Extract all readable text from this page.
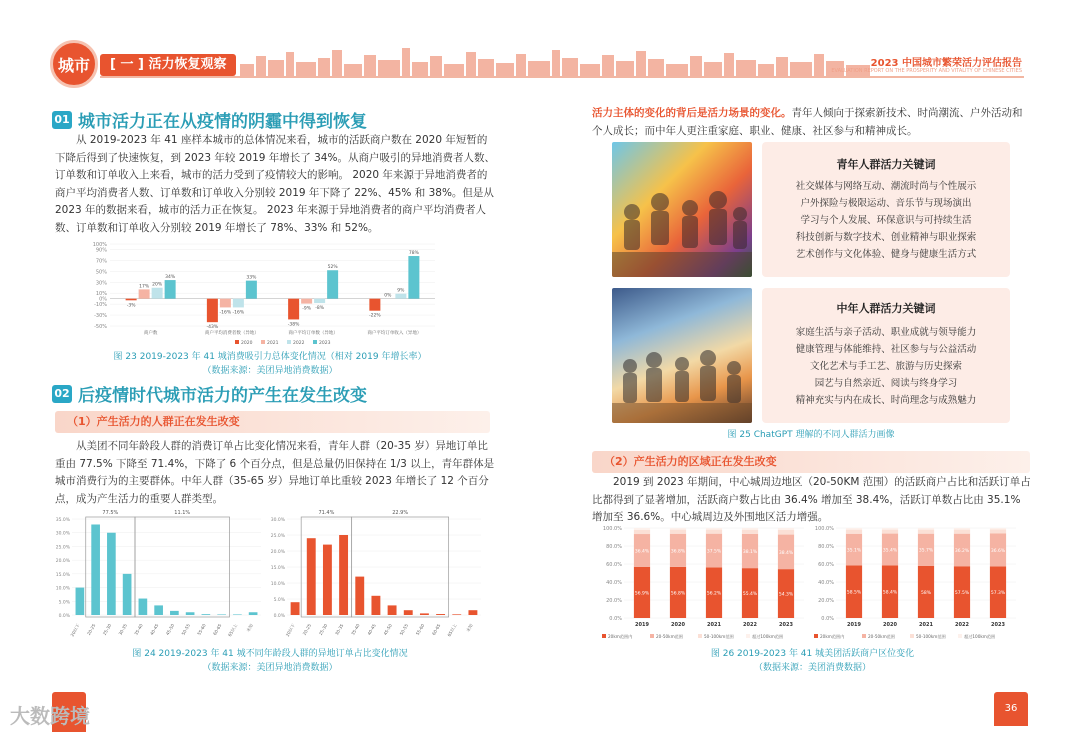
城市	[ 一 ] 活力恢复观察	2023 中国城市繁荣活力评估报告
EVALUATION REPORT ON THE PROSPERITY AND VITALITY OF CHINESE CITIES
01 城市活力正在从疫情的阴霾中得到恢复
从 2019-2023 年 41 座样本城市的总体情况来看，城市的活跃商户数在 2020 年短暂的下降后得到了快速恢复，到 2023 年较 2019 年增长了 34%。从商户吸引的异地消费者人数、订单数和订单收入上来看，城市的活力受到了疫情较大的影响。 2020 年来源于异地消费者的商户平均消费者人数、订单数和订单收入分别较 2019 年下降了 22%、45% 和 38%。但是从 2023 年的数据来看，城市的活力正在恢复。 2023 年来源于异地消费者的商户平均消费者人数、订单数和订单收入分别较 2019 年增长了 78%、33% 和 52%。
100%
90%
70%
50%
30%
10%
0%
-10%
-30%
-50%
-3%
17% 20%
34%
商户数
-43%
-16% -16%
33%
商户平均消费者数（异地）
-38%
-9% -8%
52%
商户平均订单数（异地）
-22%
0%
9%
78%
商户平均订单收入（异地）
2020	2021	2022	2023
图 23 2019-2023 年 41 城消费吸引力总体变化情况（相对 2019 年增长率）
（数据来源：美团异地消费数据）
02 后疫情时代城市活力的产生在发生改变
（1）产生活力的人群正在发生改变
从美团不同年龄段人群的消费订单占比变化情况来看，青年人群（20-35 岁）异地订单比重由 77.5% 下降至 71.4%，下降了 6 个百分点，但是总量仍旧保持在 1/3 以上，青年群体是城市消费行为的主要群体。中年人群（35-65 岁）异地订单比重较 2023 年增长了 12 个百分点，成为产生活力的重要人群类型。
35.0%
30.0%
25.0%
20.0%
15.0%
10.0%
5.0%
0.0%
77.5%	11.1%
20以下	20-25 25-30 30-35 35-40 40-45 45-50 50-55 55-60 60-65 65以上 未知
30.0%
25.0%
20.0%
15.0%
10.0%
5.0%
0.0%
71.4%	22.9%
20以下	20-25 25-30 30-35 35-40 40-45 45-50 50-55 55-60 60-65 65以上 未知
图 24 2019-2023 年 41 城不同年龄段人群的异地订单占比变化情况
（数据来源：美团异地消费数据）
活力主体的变化的背后是活力场景的变化。青年人倾向于探索新技术、时尚潮流、户外活动和个人成长；而中年人更注重家庭、职业、健康、社区参与和精神成长。
青年人群活力关键词
社交媒体与网络互动、潮流时尚与个性展示
户外探险与极限运动、音乐节与现场演出
学习与个人发展、环保意识与可持续生活
科技创新与数字技术、创业精神与职业探索
艺术创作与文化体验、健身与健康生活方式
中年人群活力关键词
家庭生活与亲子活动、职业成就与领导能力
健康管理与体能维持、社区参与与公益活动
文化艺术与手工艺、旅游与历史探索
园艺与自然亲近、阅读与终身学习
精神充实与内在成长、时尚理念与成熟魅力
图 25 ChatGPT 理解的不同人群活力画像
（2）产生活力的区域正在发生改变
2019 到 2023 年期间，中心城周边地区（20-50KM 范围）的活跃商户占比和活跃订单占比都得到了显著增加，活跃商户数占比由 36.4% 增加至 38.4%，活跃订单数占比由 35.1% 增加至 36.6%。中心城周边及外围地区活力增强。
100.0%
80.0%
60.0%
40.0%
20.0%
0.0%
56.9%
36.4%
2019
56.8%
36.8%
2020
56.2%
37.5%
2021
55.4%
38.1%
2022
54.3%
38.4%
2023
20km范围内	20-50km范围	50-100km范围	超过100km范围
100.0%
80.0%
60.0%
40.0%
20.0%
0.0%
58.5%
35.1%
2019
58.4%
35.4%
2020
58%
35.7%
2021
57.5%
36.2%
2022
57.3%
36.6%
2023
20km范围内	20-50km范围	50-100km范围	超过100km范围
图 26 2019-2023 年 41 城美团活跃商户区位变化
（数据来源：美团消费数据）
36
大数跨境
